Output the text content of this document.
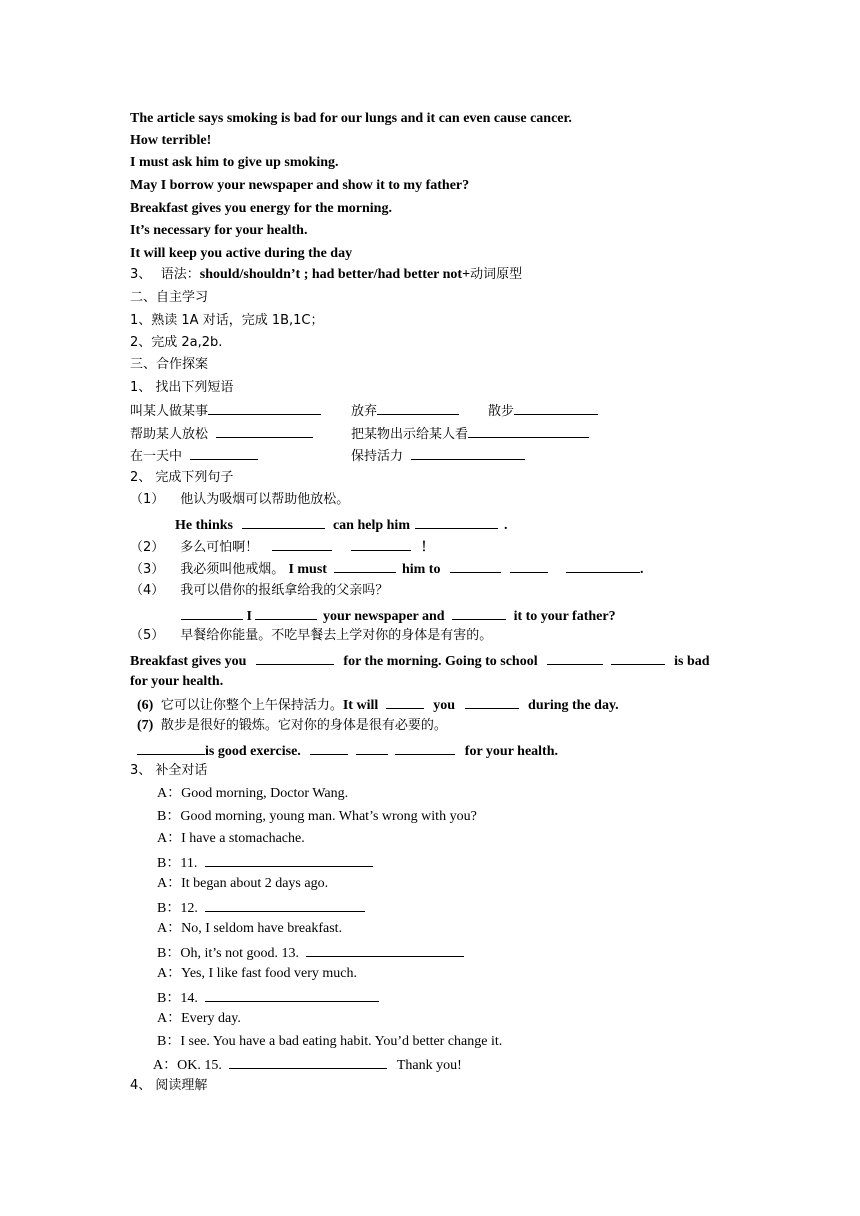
The article says smoking is bad for our lungs and it can even cause cancer.
How terrible!
I must ask him to give up smoking.
May I borrow your newspaper and show it to my father?
Breakfast gives you energy for the morning.
It’s necessary for your health.
It will keep you active during the day
3、 语法：should/shouldn’t ; had better/had better not+动词原型
二、自主学习
1、熟读 1A 对话，完成 1B,1C；
2、完成 2a,2b.
三、合作探案
1、 找出下列短语
叫某人做某事	放弃	散步
帮助某人放松	把某物出示给某人看
在一天中	保持活力
2、 完成下列句子
（1） 他认为吸烟可以帮助他放松。
He thinks	can help him	.
（2） 多么可怕啊！	！
（3） 我必须叫他戒烟。 I must	him to	.
（4） 我可以借你的报纸拿给我的父亲吗？
I	your newspaper and	it to your father?
（5） 早餐给你能量。不吃早餐去上学对你的身体是有害的。
Breakfast gives you	for the morning. Going to school	is bad
for your health.
(6) 它可以让你整个上午保持活力。It will	you	during the day.
(7) 散步是很好的锻炼。它对你的身体是很有必要的。
is good exercise.	for your health.
3、 补全对话
A：Good morning, Doctor Wang.
B：Good morning, young man. What’s wrong with you?
A：I have a stomachache.
B：11.
A：It began about 2 days ago.
B：12.
A：No, I seldom have breakfast.
B：Oh, it’s not good. 13.
A：Yes, I like fast food very much.
B：14.
A：Every day.
B：I see. You have a bad eating habit. You’d better change it.
A：OK. 15.	Thank you!
4、 阅读理解
